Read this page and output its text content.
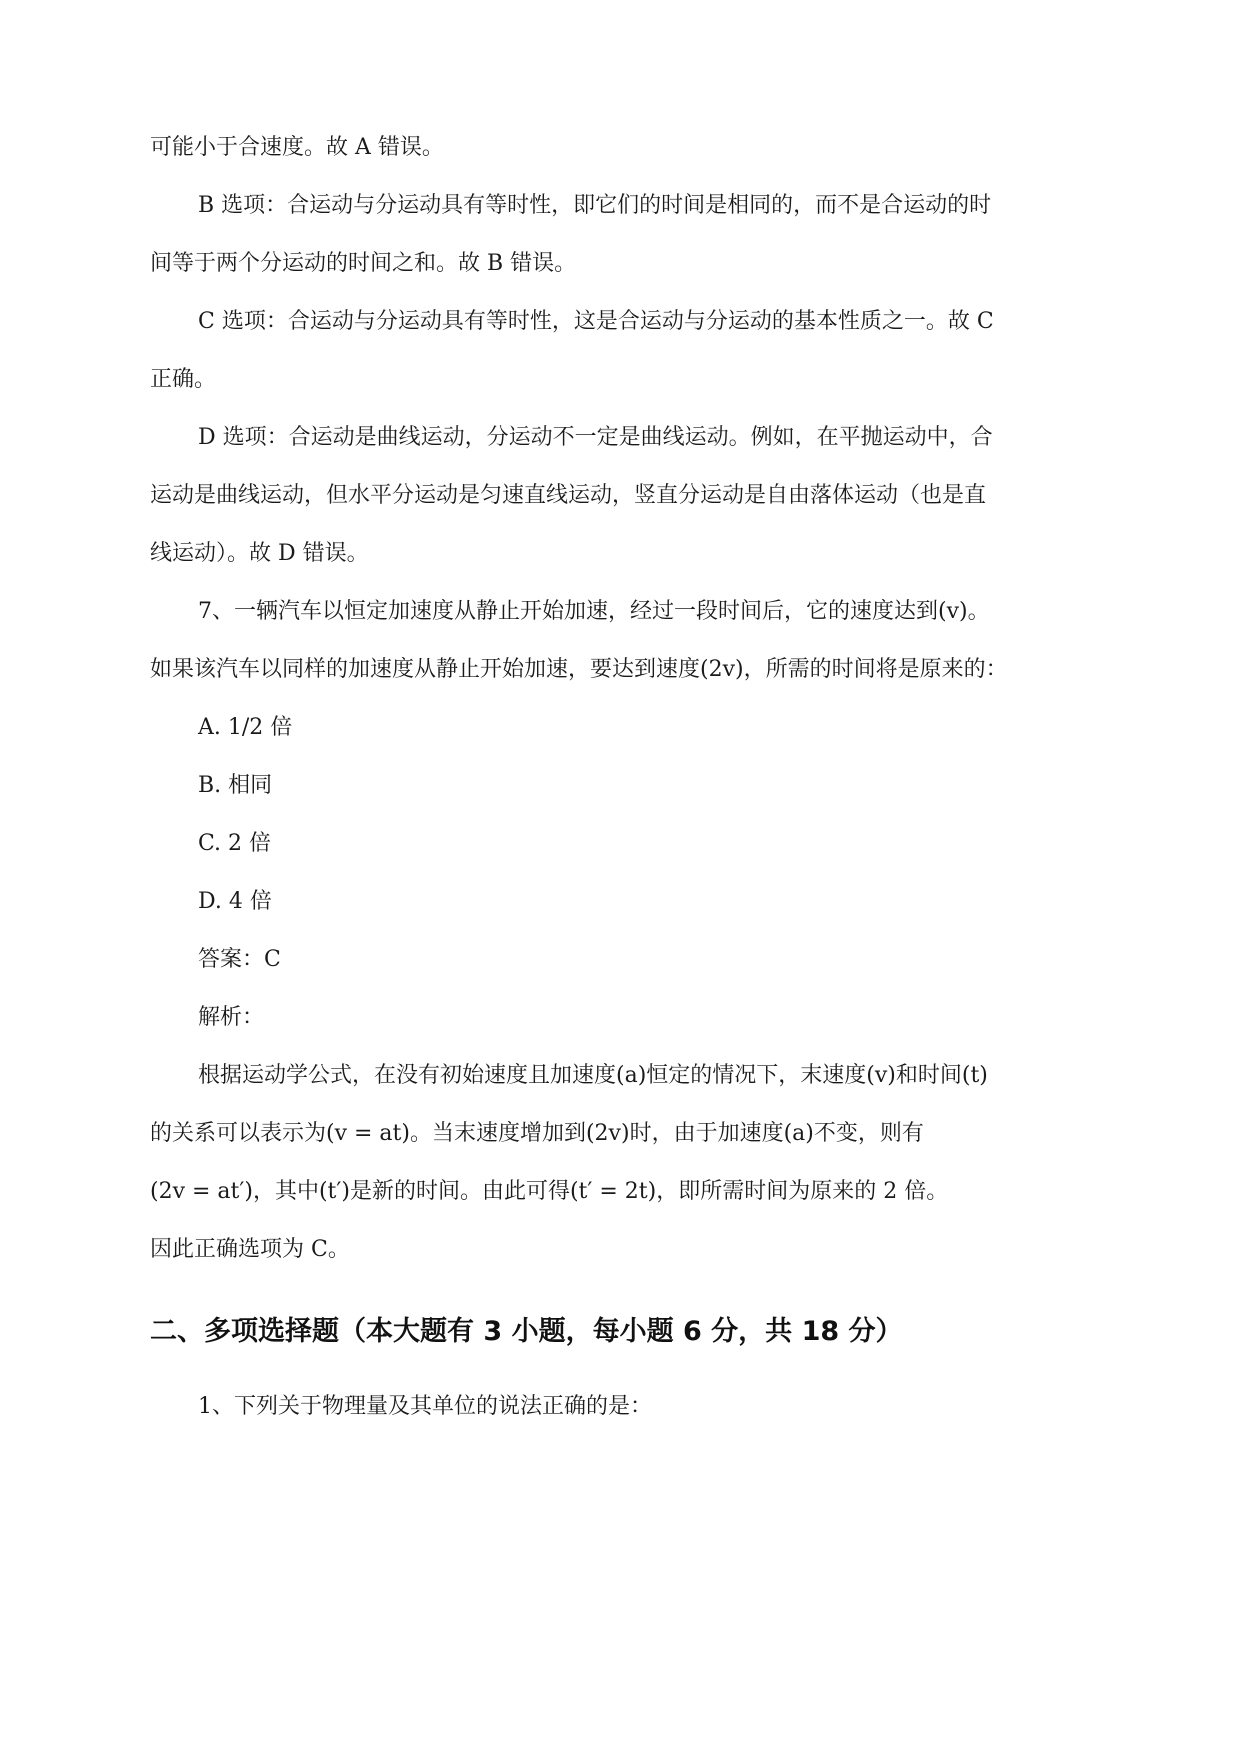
可能小于合速度。故 A 错误。
B 选项：合运动与分运动具有等时性，即它们的时间是相同的，而不是合运动的时
间等于两个分运动的时间之和。故 B 错误。
C 选项：合运动与分运动具有等时性，这是合运动与分运动的基本性质之一。故 C
正确。
D 选项：合运动是曲线运动，分运动不一定是曲线运动。例如，在平抛运动中，合
运动是曲线运动，但水平分运动是匀速直线运动，竖直分运动是自由落体运动（也是直
线运动）。故 D 错误。
7、一辆汽车以恒定加速度从静止开始加速，经过一段时间后，它的速度达到(v)。
如果该汽车以同样的加速度从静止开始加速，要达到速度(2v)，所需的时间将是原来的：
A. 1/2 倍
B. 相同
C. 2 倍
D. 4 倍
答案：C
解析：
根据运动学公式，在没有初始速度且加速度(a)恒定的情况下，末速度(v)和时间(t)
的关系可以表示为(v = at)。当末速度增加到(2v)时，由于加速度(a)不变，则有
(2v = at′)，其中(t′)是新的时间。由此可得(t′ = 2t)，即所需时间为原来的 2 倍。
因此正确选项为 C。
二、多项选择题（本大题有 3 小题，每小题 6 分，共 18 分）
1、下列关于物理量及其单位的说法正确的是：
